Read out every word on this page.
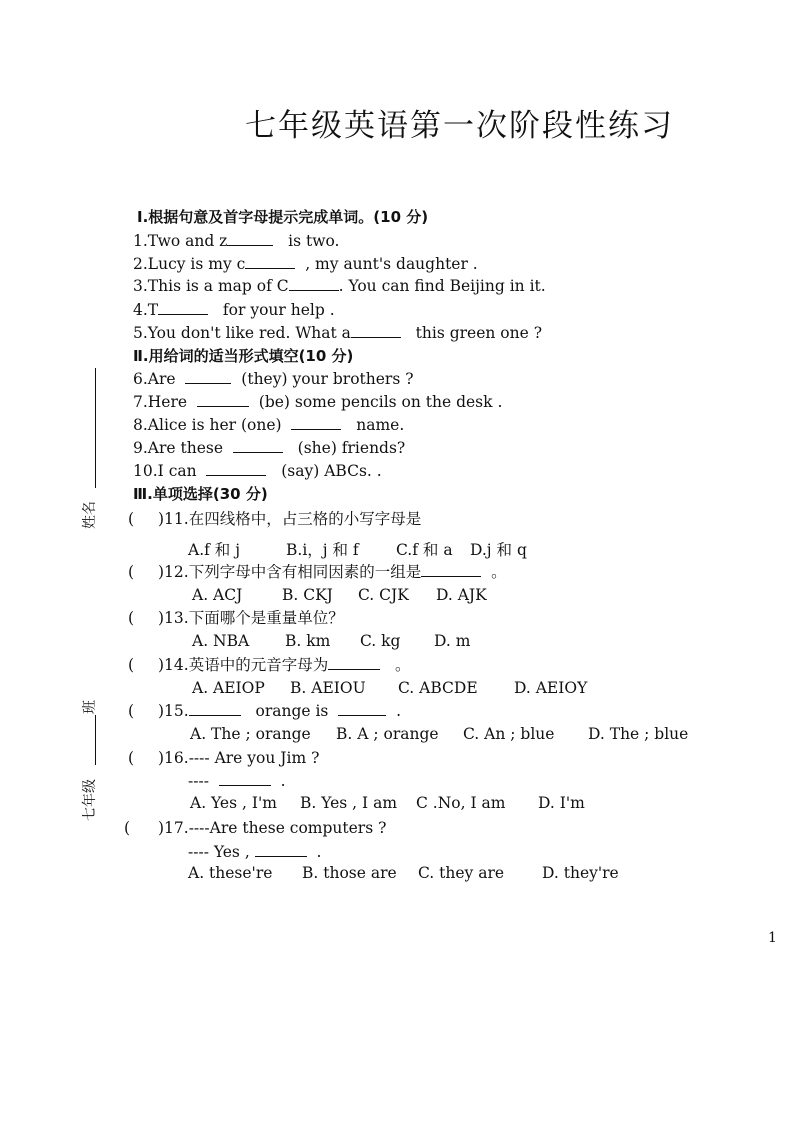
七年级英语第一次阶段性练习
姓名
班
七年级
Ⅰ.根据句意及首字母提示完成单词。(10 分)
1.Two and z	is two.
2.Lucy is my c	, my aunt's daughter .
3.This is a map of C	. You can find Beijing in it.
4.T	for your help .
5.You don't like red. What a	this green one ?
Ⅱ.用给词的适当形式填空(10 分)
6.Are	(they) your brothers ?
7.Here	(be) some pencils on the desk .
8.Alice is her (one)	name.
9.Are these	(she) friends?
10.I can	(say) ABCs. .
Ⅲ.单项选择(30 分)
( )11.在四线格中，占三格的小写字母是
A.f 和 j	B.i，j 和 f C.f 和 a D.j 和 q
( )12.下列字母中含有相同因素的一组是	。
A. ACJ	B. CKJ C. CJK D. AJK
( )13.下面哪个是重量单位？
A. NBA B. km C. kg D. m
( )14.英语中的元音字母为	。
A. AEIOP B. AEIOU C. ABCDE D. AEIOY
( )15.	orange is	.
A. The ; orange B. A ; orange C. An ; blue D. The ; blue
( )16.---- Are you Jim ?
----	.
A. Yes , I'm B. Yes , I am C .No, I am D. I'm
( )17.----Are these computers ?
---- Yes ,	.
A. these're B. those are C. they are D. they're
1
